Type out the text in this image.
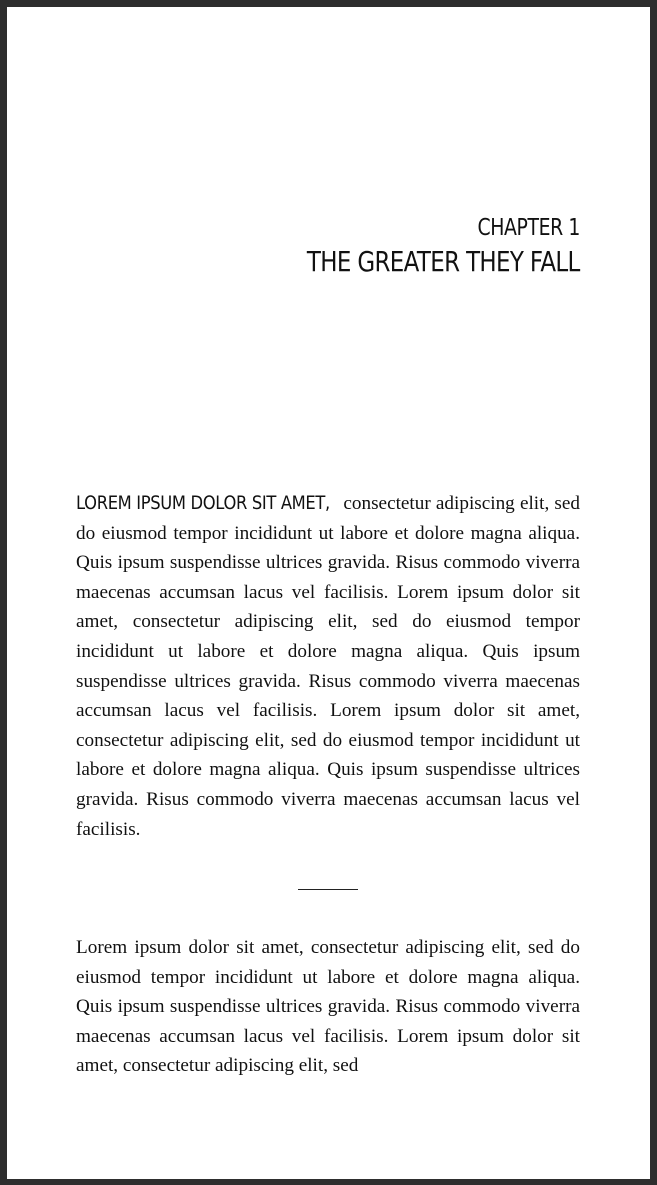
CHAPTER 1
THE GREATER THEY FALL

LOREM IPSUM DOLOR SIT AMET, consectetur adipiscing elit, sed do eiusmod tempor incididunt ut labore et dolore magna aliqua. Quis ipsum suspendisse ultrices gravida. Risus commodo viverra maecenas accumsan lacus vel facilisis. Lorem ipsum dolor sit amet, consectetur adipiscing elit, sed do eiusmod tempor incididunt ut labore et dolore magna aliqua. Quis ipsum suspendisse ultrices gravida. Risus commodo viverra maecenas accumsan lacus vel facilisis. Lorem ipsum dolor sit amet, consectetur adipiscing elit, sed do eiusmod tempor incididunt ut labore et dolore magna aliqua. Quis ipsum suspendisse ultrices gravida. Risus commodo viverra maecenas accumsan lacus vel facilisis.

Lorem ipsum dolor sit amet, consectetur adipiscing elit, sed do eiusmod tempor incididunt ut labore et dolore magna aliqua. Quis ipsum suspendisse ultrices gravida. Risus commodo viverra maecenas accumsan lacus vel facilisis. Lorem ipsum dolor sit amet, consectetur adipiscing elit, sed
